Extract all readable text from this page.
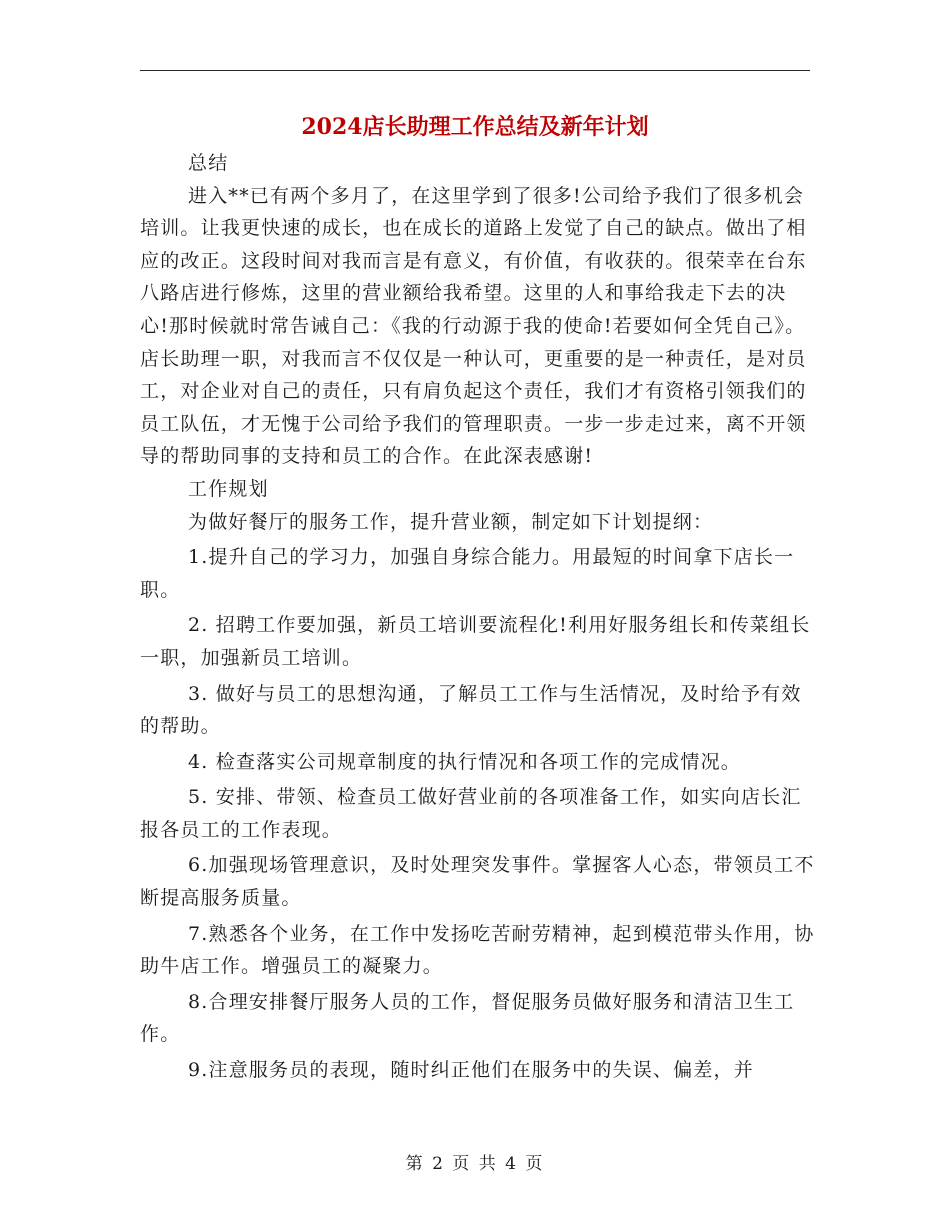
2024店长助理工作总结及新年计划

总结

进入**已有两个多月了，在这里学到了很多!公司给予我们了很多机会培训。让我更快速的成长，也在成长的道路上发觉了自己的缺点。做出了相应的改正。这段时间对我而言是有意义，有价值，有收获的。很荣幸在台东八路店进行修炼，这里的营业额给我希望。这里的人和事给我走下去的决心!那时候就时常告诫自己：《我的行动源于我的使命!若要如何全凭自己》。店长助理一职，对我而言不仅仅是一种认可，更重要的是一种责任，是对员工，对企业对自己的责任，只有肩负起这个责任，我们才有资格引领我们的员工队伍，才无愧于公司给予我们的管理职责。一步一步走过来，离不开领导的帮助同事的支持和员工的合作。在此深表感谢!

工作规划

为做好餐厅的服务工作，提升营业额，制定如下计划提纲：

1.提升自己的学习力，加强自身综合能力。用最短的时间拿下店长一职。

2. 招聘工作要加强，新员工培训要流程化!利用好服务组长和传菜组长一职，加强新员工培训。

3. 做好与员工的思想沟通，了解员工工作与生活情况，及时给予有效的帮助。

4. 检查落实公司规章制度的执行情况和各项工作的完成情况。

5. 安排、带领、检查员工做好营业前的各项准备工作，如实向店长汇报各员工的工作表现。

6.加强现场管理意识，及时处理突发事件。掌握客人心态，带领员工不断提高服务质量。

7.熟悉各个业务，在工作中发扬吃苦耐劳精神，起到模范带头作用，协助牛店工作。增强员工的凝聚力。

8.合理安排餐厅服务人员的工作，督促服务员做好服务和清洁卫生工作。

9.注意服务员的表现，随时纠正他们在服务中的失误、偏差，并

第 2 页 共 4 页
